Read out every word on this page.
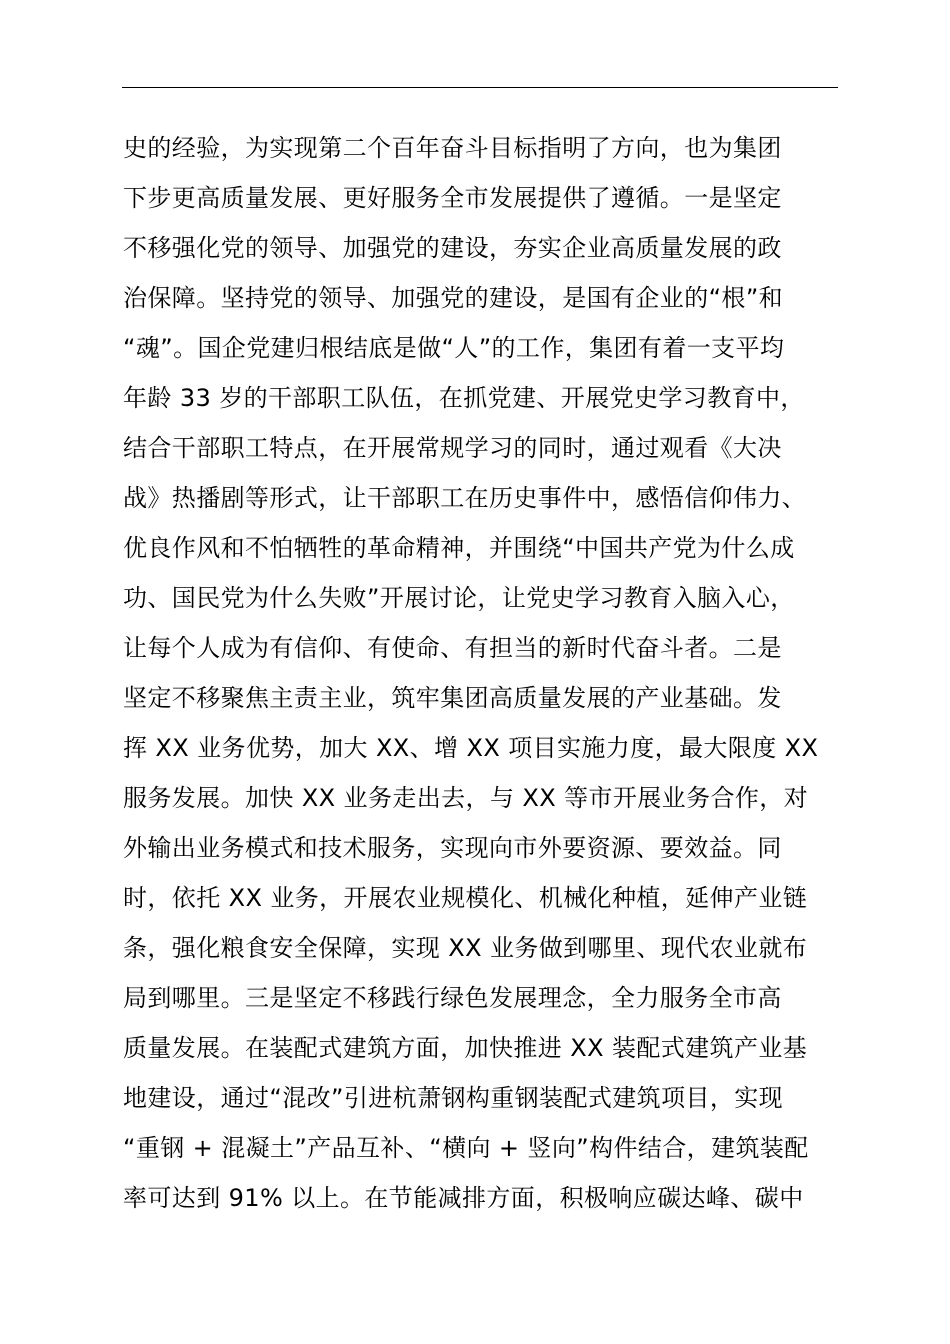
史的经验，为实现第二个百年奋斗目标指明了方向，也为集团
下步更高质量发展、更好服务全市发展提供了遵循。一是坚定
不移强化党的领导、加强党的建设，夯实企业高质量发展的政
治保障。坚持党的领导、加强党的建设，是国有企业的“根”和
“魂”。国企党建归根结底是做“人”的工作，集团有着一支平均
年龄 33 岁的干部职工队伍，在抓党建、开展党史学习教育中，
结合干部职工特点，在开展常规学习的同时，通过观看《大决
战》热播剧等形式，让干部职工在历史事件中，感悟信仰伟力、
优良作风和不怕牺牲的革命精神，并围绕“中国共产党为什么成
功、国民党为什么失败”开展讨论，让党史学习教育入脑入心，
让每个人成为有信仰、有使命、有担当的新时代奋斗者。二是
坚定不移聚焦主责主业，筑牢集团高质量发展的产业基础。发
挥 XX 业务优势，加大 XX、增 XX 项目实施力度，最大限度 XX
服务发展。加快 XX 业务走出去，与 XX 等市开展业务合作，对
外输出业务模式和技术服务，实现向市外要资源、要效益。同
时，依托 XX 业务，开展农业规模化、机械化种植，延伸产业链
条，强化粮食安全保障，实现 XX 业务做到哪里、现代农业就布
局到哪里。三是坚定不移践行绿色发展理念，全力服务全市高
质量发展。在装配式建筑方面，加快推进 XX 装配式建筑产业基
地建设，通过“混改”引进杭萧钢构重钢装配式建筑项目，实现
“重钢 + 混凝土”产品互补、“横向 + 竖向”构件结合，建筑装配
率可达到 91% 以上。在节能减排方面，积极响应碳达峰、碳中
